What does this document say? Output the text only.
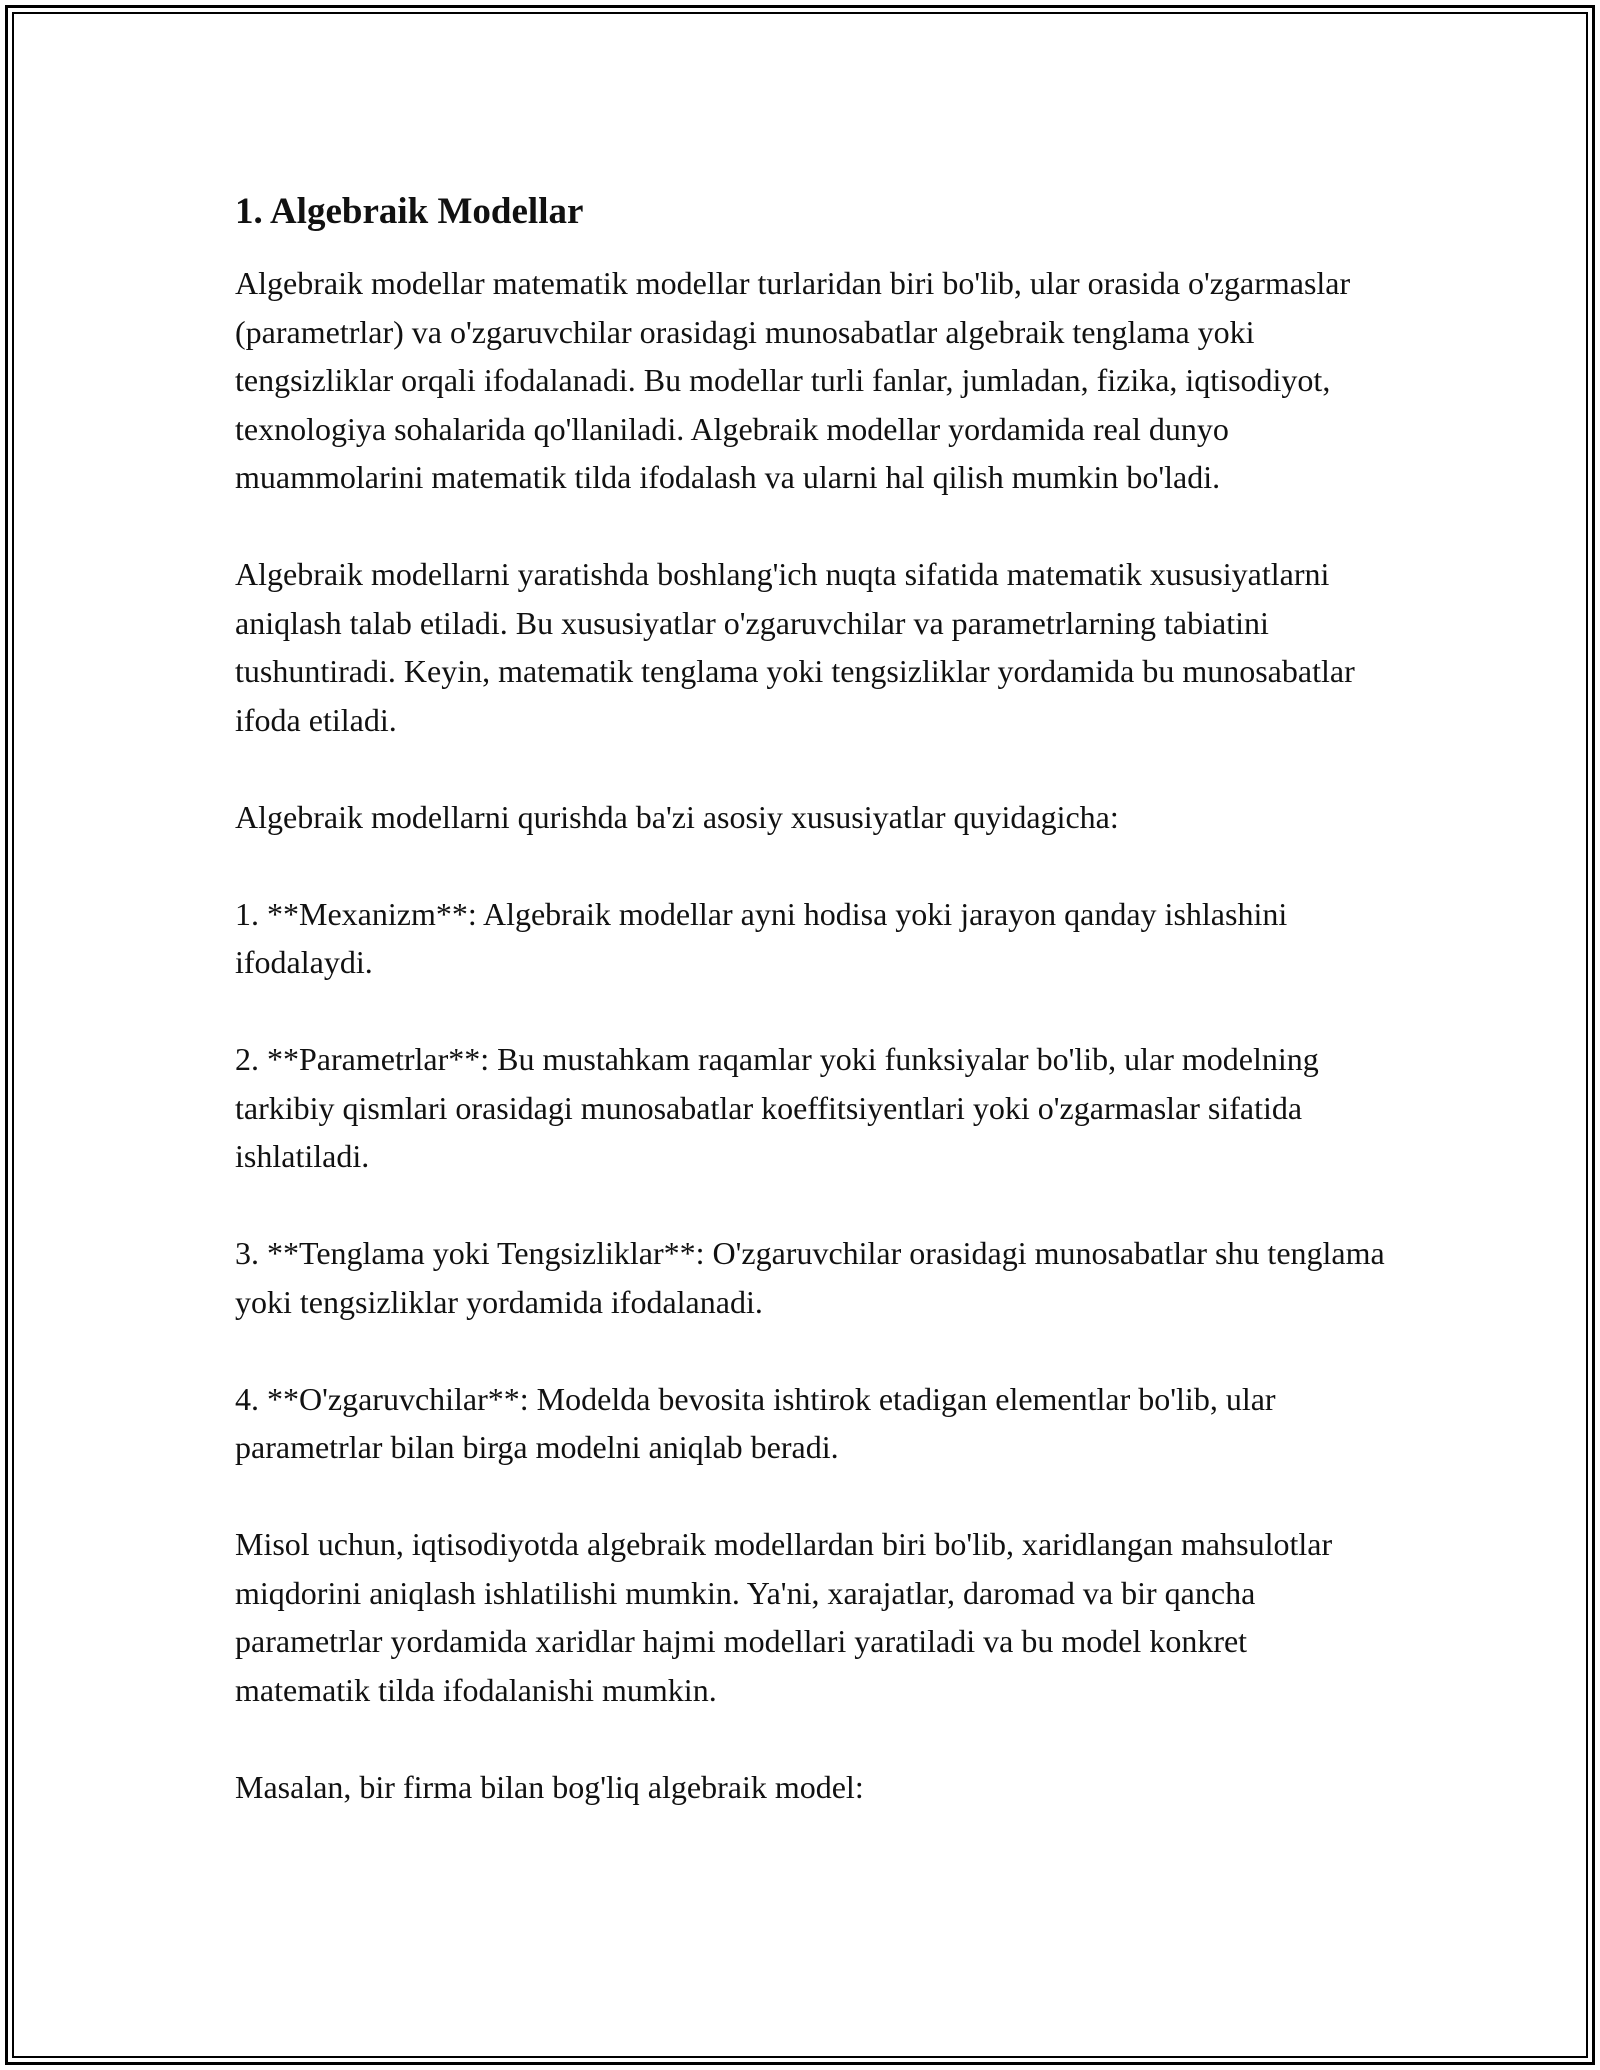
1. Algebraik Modellar

Algebraik modellar matematik modellar turlaridan biri bo'lib, ular orasida o'zgarmaslar (parametrlar) va o'zgaruvchilar orasidagi munosabatlar algebraik tenglama yoki tengsizliklar orqali ifodalanadi. Bu modellar turli fanlar, jumladan, fizika, iqtisodiyot, texnologiya sohalarida qo'llaniladi. Algebraik modellar yordamida real dunyo muammolarini matematik tilda ifodalash va ularni hal qilish mumkin bo'ladi.

Algebraik modellarni yaratishda boshlang'ich nuqta sifatida matematik xususiyatlarni aniqlash talab etiladi. Bu xususiyatlar o'zgaruvchilar va parametrlarning tabiatini tushuntiradi. Keyin, matematik tenglama yoki tengsizliklar yordamida bu munosabatlar ifoda etiladi.

Algebraik modellarni qurishda ba'zi asosiy xususiyatlar quyidagicha:

1. **Mexanizm**: Algebraik modellar ayni hodisa yoki jarayon qanday ishlashini ifodalaydi.

2. **Parametrlar**: Bu mustahkam raqamlar yoki funksiyalar bo'lib, ular modelning tarkibiy qismlari orasidagi munosabatlar koeffitsiyentlari yoki o'zgarmaslar sifatida ishlatiladi.

3. **Tenglama yoki Tengsizliklar**: O'zgaruvchilar orasidagi munosabatlar shu tenglama yoki tengsizliklar yordamida ifodalanadi.

4. **O'zgaruvchilar**: Modelda bevosita ishtirok etadigan elementlar bo'lib, ular parametrlar bilan birga modelni aniqlab beradi.

Misol uchun, iqtisodiyotda algebraik modellardan biri bo'lib, xaridlangan mahsulotlar miqdorini aniqlash ishlatilishi mumkin. Ya'ni, xarajatlar, daromad va bir qancha parametrlar yordamida xaridlar hajmi modellari yaratiladi va bu model konkret matematik tilda ifodalanishi mumkin.

Masalan, bir firma bilan bog'liq algebraik model:
